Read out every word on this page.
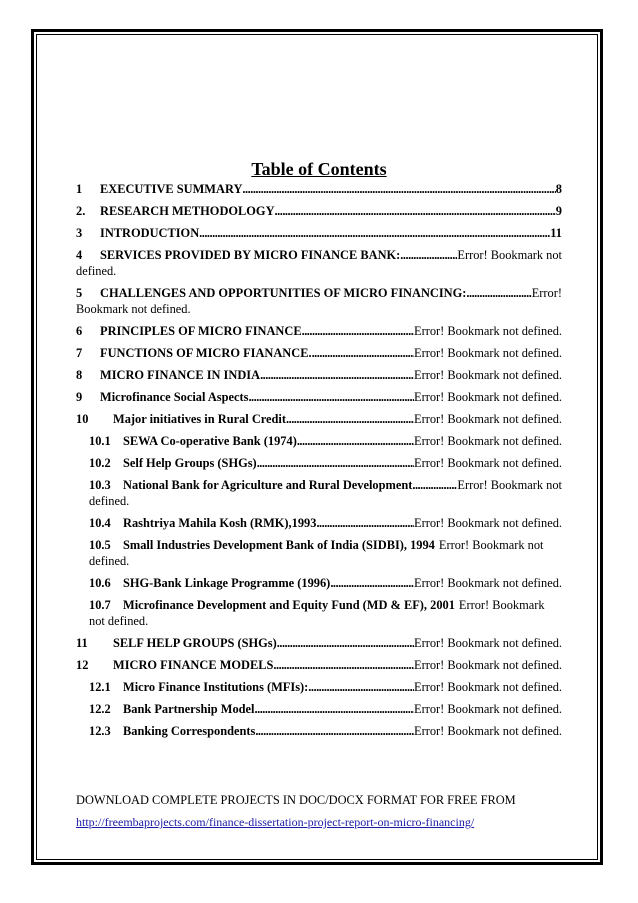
Table of Contents
1	EXECUTIVE SUMMARY .....	8
2.	RESEARCH METHODOLOGY .....	9
3	INTRODUCTION .....	11
4	SERVICES PROVIDED BY MICRO FINANCE BANK: .....	Error! Bookmark not
defined.
5	CHALLENGES AND OPPORTUNITIES OF MICRO FINANCING: .....	Error!
Bookmark not defined.
6	PRINCIPLES OF MICRO FINANCE .....	Error! Bookmark not defined.
7	FUNCTIONS OF MICRO FIANANCE. .....	Error! Bookmark not defined.
8	MICRO FINANCE IN INDIA .....	Error! Bookmark not defined.
9	Microfinance Social Aspects .....	Error! Bookmark not defined.
10	Major initiatives in Rural Credit .....	Error! Bookmark not defined.
10.1 SEWA Co-operative Bank (1974) .....	Error! Bookmark not defined.
10.2 Self Help Groups (SHGs) .....	Error! Bookmark not defined.
10.3 National Bank for Agriculture and Rural Development .....	Error! Bookmark not
defined.
10.4 Rashtriya Mahila Kosh (RMK),1993 .....	Error! Bookmark not defined.
10.5 Small Industries Development Bank of India (SIDBI), 1994 Error! Bookmark not
defined.
10.6 SHG-Bank Linkage Programme (1996) .....	Error! Bookmark not defined.
10.7 Microfinance Development and Equity Fund (MD & EF), 2001 Error! Bookmark
not defined.
11	SELF HELP GROUPS (SHGs) .....	Error! Bookmark not defined.
12	MICRO FINANCE MODELS .....	Error! Bookmark not defined.
12.1 Micro Finance Institutions (MFIs): .....	Error! Bookmark not defined.
12.2 Bank Partnership Model .....	Error! Bookmark not defined.
12.3 Banking Correspondents .....	Error! Bookmark not defined.
DOWNLOAD COMPLETE PROJECTS IN DOC/DOCX FORMAT FOR FREE FROM
http://freembaprojects.com/finance-dissertation-project-report-on-micro-financing/
